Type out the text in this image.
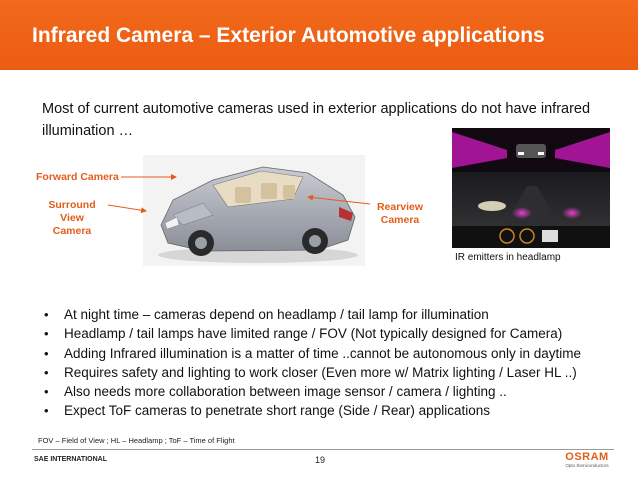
Infrared Camera – Exterior Automotive applications
Most of current automotive cameras used in exterior applications do not have infrared illumination …
Forward Camera
Surround View Camera
Rearview Camera
IR emitters in headlamp
• At night time – cameras depend on headlamp / tail lamp for illumination
• Headlamp / tail lamps have limited range / FOV (Not typically designed for Camera)
• Adding Infrared illumination is a matter of time ..cannot be autonomous only in daytime
• Requires safety and lighting to work closer (Even more w/ Matrix lighting / Laser HL ..)
• Also needs more collaboration between image sensor / camera / lighting ..
• Expect ToF cameras to penetrate short range (Side / Rear) applications
FOV – Field of View ; HL – Headlamp ; ToF – Time of Flight
SAE INTERNATIONAL	19	OSRAM
Opto Semiconductors
